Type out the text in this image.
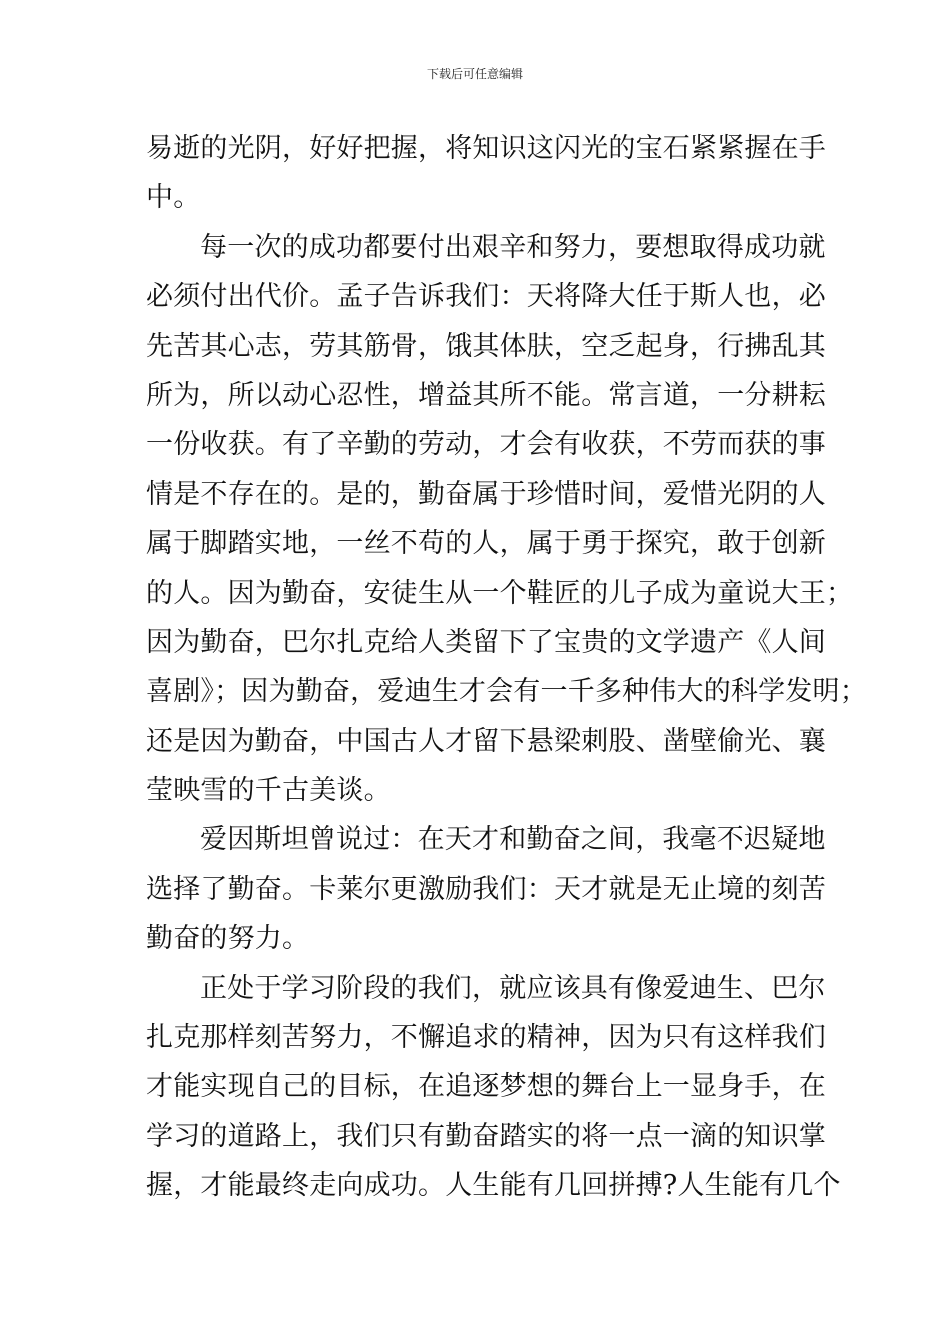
下载后可任意编辑
易逝的光阴，好好把握，将知识这闪光的宝石紧紧握在手
中。
每一次的成功都要付出艰辛和努力，要想取得成功就
必须付出代价。孟子告诉我们：天将降大任于斯人也，必
先苦其心志，劳其筋骨，饿其体肤，空乏起身，行拂乱其
所为，所以动心忍性，增益其所不能。常言道，一分耕耘
一份收获。有了辛勤的劳动，才会有收获，不劳而获的事
情是不存在的。是的，勤奋属于珍惜时间，爱惜光阴的人
属于脚踏实地，一丝不苟的人，属于勇于探究，敢于创新
的人。因为勤奋，安徒生从一个鞋匠的儿子成为童说大王；
因为勤奋，巴尔扎克给人类留下了宝贵的文学遗产《人间
喜剧》；因为勤奋，爱迪生才会有一千多种伟大的科学发明；
还是因为勤奋，中国古人才留下悬梁刺股、凿壁偷光、襄
莹映雪的千古美谈。
爱因斯坦曾说过：在天才和勤奋之间，我毫不迟疑地
选择了勤奋。卡莱尔更激励我们：天才就是无止境的刻苦
勤奋的努力。
正处于学习阶段的我们，就应该具有像爱迪生、巴尔
扎克那样刻苦努力，不懈追求的精神，因为只有这样我们
才能实现自己的目标，在追逐梦想的舞台上一显身手，在
学习的道路上，我们只有勤奋踏实的将一点一滴的知识掌
握，才能最终走向成功。人生能有几回拼搏?人生能有几个
